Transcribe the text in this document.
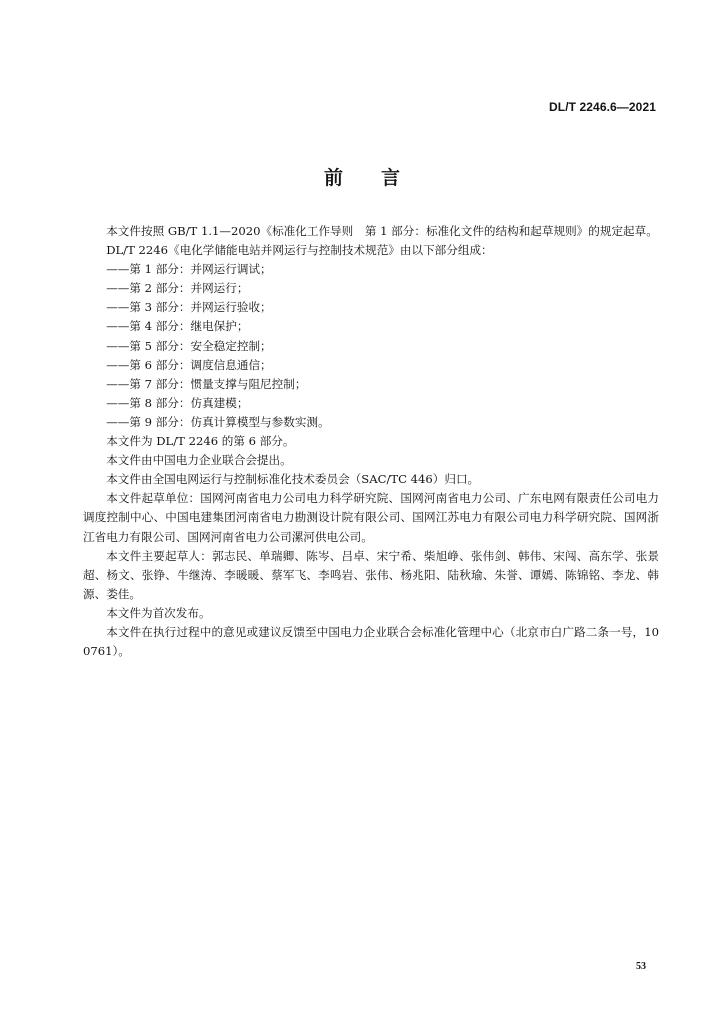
DL/T 2246.6—2021
前 言

本文件按照 GB/T 1.1—2020《标准化工作导则　第 1 部分：标准化文件的结构和起草规则》的规定起草。

DL/T 2246《电化学储能电站并网运行与控制技术规范》由以下部分组成：

——第 1 部分：并网运行调试；
——第 2 部分：并网运行；
——第 3 部分：并网运行验收；
——第 4 部分：继电保护；
——第 5 部分：安全稳定控制；
——第 6 部分：调度信息通信；
——第 7 部分：惯量支撑与阻尼控制；
——第 8 部分：仿真建模；
——第 9 部分：仿真计算模型与参数实测。

本文件为 DL/T 2246 的第 6 部分。

本文件由中国电力企业联合会提出。

本文件由全国电网运行与控制标准化技术委员会（SAC/TC 446）归口。

本文件起草单位：国网河南省电力公司电力科学研究院、国网河南省电力公司、广东电网有限责任公司电力调度控制中心、中国电建集团河南省电力勘测设计院有限公司、国网江苏电力有限公司电力科学研究院、国网浙江省电力有限公司、国网河南省电力公司漯河供电公司。

本文件主要起草人：郭志民、单瑞卿、陈岑、吕卓、宋宁希、柴旭峥、张伟剑、韩伟、宋闯、高东学、张景超、杨文、张铮、牛继涛、李暖暖、蔡军飞、李鸣岩、张伟、杨兆阳、陆秋瑜、朱誉、谭嫣、陈锦铭、李龙、韩源、娄佳。

本文件为首次发布。

本文件在执行过程中的意见或建议反馈至中国电力企业联合会标准化管理中心（北京市白广路二条一号，100761）。

53
